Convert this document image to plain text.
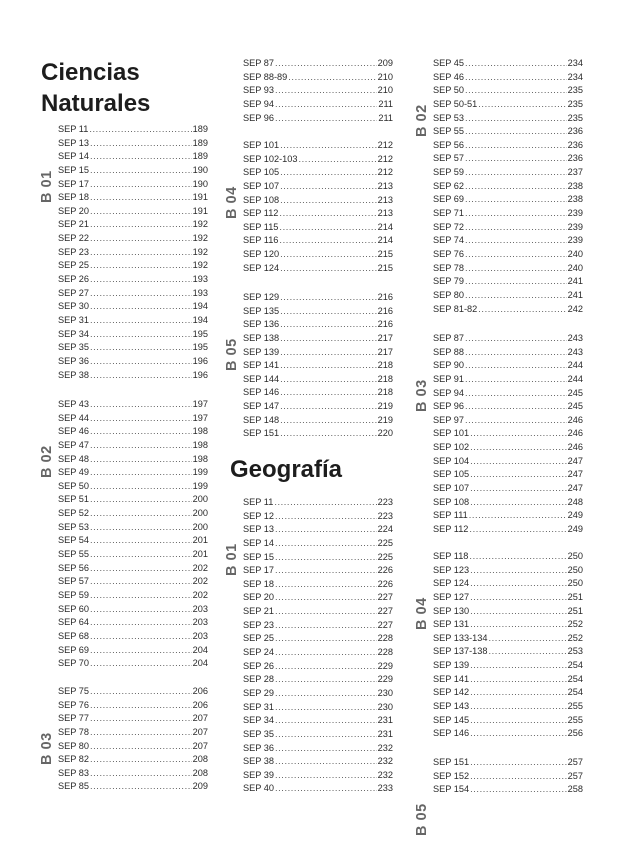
Ciencias
Naturales
B 01
SEP 11 .....	189
SEP 13 .....	189
SEP 14 .....	189
SEP 15 .....	190
SEP 17 .....	190
SEP 18 .....	191
SEP 20 .....	191
SEP 21 .....	192
SEP 22 .....	192
SEP 23 .....	192
SEP 25 .....	192
SEP 26 .....	193
SEP 27 .....	193
SEP 30 .....	194
SEP 31 .....	194
SEP 34 .....	195
SEP 35 .....	195
SEP 36 .....	196
SEP 38 .....	196
B 02
SEP 43 .....	197
SEP 44 .....	197
SEP 46 .....	198
SEP 47 .....	198
SEP 48 .....	198
SEP 49 .....	199
SEP 50 .....	199
SEP 51 .....	200
SEP 52 .....	200
SEP 53 .....	200
SEP 54 .....	201
SEP 55 .....	201
SEP 56 .....	202
SEP 57 .....	202
SEP 59 .....	202
SEP 60 .....	203
SEP 64 .....	203
SEP 68 .....	203
SEP 69 .....	204
SEP 70 .....	204
B 03
SEP 75 .....	206
SEP 76 .....	206
SEP 77 .....	207
SEP 78 .....	207
SEP 80 .....	207
SEP 82 .....	208
SEP 83 .....	208
SEP 85 .....	209
SEP 87 .....	209
SEP 88-89 .....	210
SEP 93 .....	210
SEP 94 .....	211
SEP 96 .....	211
B 04
SEP 101 .....	212
SEP 102-103 .....	212
SEP 105 .....	212
SEP 107 .....	213
SEP 108 .....	213
SEP 112 .....	213
SEP 115 .....	214
SEP 116 .....	214
SEP 120 .....	215
SEP 124 .....	215
B 05
SEP 129 .....	216
SEP 135 .....	216
SEP 136 .....	216
SEP 138 .....	217
SEP 139 .....	217
SEP 141 .....	218
SEP 144 .....	218
SEP 146 .....	218
SEP 147 .....	219
SEP 148 .....	219
SEP 151 .....	220
Geografía
B 01
SEP 11 .....	223
SEP 12 .....	223
SEP 13 .....	224
SEP 14 .....	225
SEP 15 .....	225
SEP 17 .....	226
SEP 18 .....	226
SEP 20 .....	227
SEP 21 .....	227
SEP 23 .....	227
SEP 25 .....	228
SEP 24 .....	228
SEP 26 .....	229
SEP 28 .....	229
SEP 29 .....	230
SEP 31 .....	230
SEP 34 .....	231
SEP 35 .....	231
SEP 36 .....	232
SEP 38 .....	232
SEP 39 .....	232
SEP 40 .....	233
B 02
SEP 45 .....	234
SEP 46 .....	234
SEP 50 .....	235
SEP 50-51 .....	235
SEP 53 .....	235
SEP 55 .....	236
SEP 56 .....	236
SEP 57 .....	236
SEP 59 .....	237
SEP 62 .....	238
SEP 69 .....	238
SEP 71 .....	239
SEP 72 .....	239
SEP 74 .....	239
SEP 76 .....	240
SEP 78 .....	240
SEP 79 .....	241
SEP 80 .....	241
SEP 81-82 .....	242
B 03
SEP 87 .....	243
SEP 88 .....	243
SEP 90 .....	244
SEP 91 .....	244
SEP 94 .....	245
SEP 96 .....	245
SEP 97 .....	246
SEP 101 .....	246
SEP 102 .....	246
SEP 104 .....	247
SEP 105 .....	247
SEP 107 .....	247
SEP 108 .....	248
SEP 111 .....	249
SEP 112 .....	249
B 04
SEP 118 .....	250
SEP 123 .....	250
SEP 124 .....	250
SEP 127 .....	251
SEP 130 .....	251
SEP 131 .....	252
SEP 133-134 .....	252
SEP 137-138 .....	253
SEP 139 .....	254
SEP 141 .....	254
SEP 142 .....	254
SEP 143 .....	255
SEP 145 .....	255
SEP 146 .....	256
B 05
SEP 151 .....	257
SEP 152 .....	257
SEP 154 .....	258
